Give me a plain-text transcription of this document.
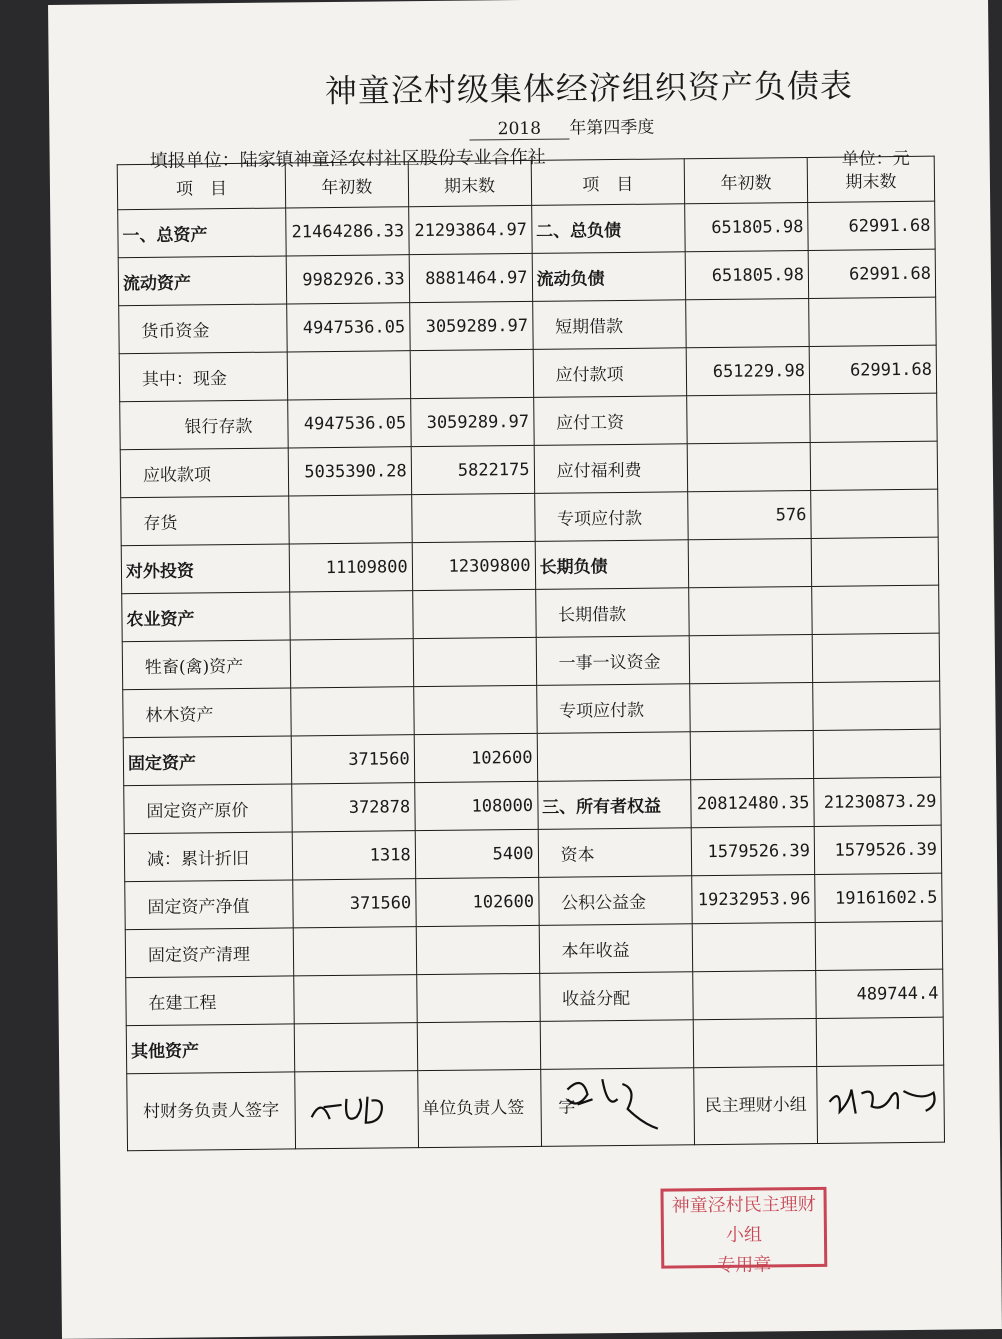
神童泾村级集体经济组织资产负债表
2018 年第四季度
填报单位：陆家镇神童泾农村社区股份专业合作社	单位：元
项　目	年初数	期末数	项　目	年初数	期末数
一、总资产	21464286.33	21293864.97	二、总负债	651805.98	62991.68
流动资产	9982926.33	8881464.97	流动负债	651805.98	62991.68
货币资金	4947536.05	3059289.97	短期借款		
其中：现金			应付款项	651229.98	62991.68
银行存款	4947536.05	3059289.97	应付工资		
应收款项	5035390.28	5822175	应付福利费		
存货			专项应付款	576	
对外投资	11109800	12309800	长期负债		
农业资产			长期借款		
牲畜(禽)资产			一事一议资金		
林木资产			专项应付款		
固定资产	371560	102600			
固定资产原价	372878	108000	三、所有者权益	20812480.35	21230873.29
减：累计折旧	1318	5400	资本	1579526.39	1579526.39
固定资产净值	371560	102600	公积公益金	19232953.96	19161602.5
固定资产清理			本年收益		
在建工程			收益分配		489744.4
其他资产					
村财务负责人签字		单位负责人签　　字		民主理财小组	
神童泾村民主理财小组
专用章
